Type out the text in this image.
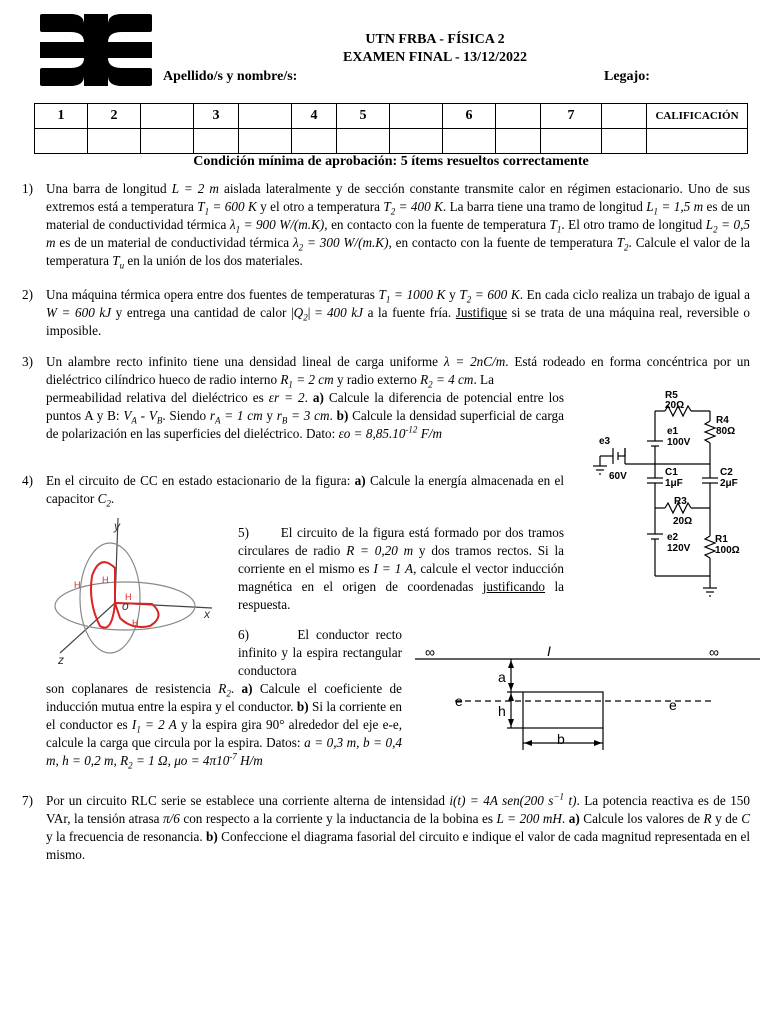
UTN FRBA - FÍSICA 2
EXAMEN FINAL - 13/12/2022
Apellido/s y nombre/s:	Legajo:
1	2		3		4	5		6		7		CALIFICACIÓN

Condición mínima de aprobación: 5 ítems resueltos correctamente
1) Una barra de longitud L = 2 m aislada lateralmente y de sección constante transmite calor en régimen estacionario. Uno de sus extremos está a temperatura $T_1 = 600$ K y el otro a temperatura $T_2 = 400$ K. La barra tiene una tramo de longitud $L_1 = 1,5$ m es de un material de conductividad térmica $\lambda_1 = 900$ W/(m.K), en contacto con la fuente de temperatura $T_1$. El otro tramo de longitud $L_2 = 0,5$ m es de un material de conductividad térmica $\lambda_2 = 300$ W/(m.K), en contacto con la fuente de temperatura $T_2$. Calcule el valor de la temperatura $T_u$ en la unión de los dos materiales.
2) Una máquina térmica opera entre dos fuentes de temperaturas $T_1 = 1000$ K y $T_2 = 600$ K. En cada ciclo realiza un trabajo de igual a W = 600 kJ y entrega una cantidad de calor $|Q_2| = 400$ kJ a la fuente fría. Justifique si se trata de una máquina real, reversible o imposible.
3) Un alambre recto infinito tiene una densidad lineal de carga uniforme λ = 2nC/m. Está rodeado en forma concéntrica por un dieléctrico cilíndrico hueco de radio interno $R_1 = 2$ cm y radio externo $R_2 = 4$ cm. La
permeabilidad relativa del dieléctrico es εr = 2. a) Calcule la diferencia de potencial entre los puntos A y B: $V_A - V_B$. Siendo $r_A = 1$ cm y $r_B = 3$ cm. b) Calcule la densidad superficial de carga de polarización en las superficies del dieléctrico. Dato: $\varepsilon o = 8,85.10^{-12}$ F/m
4) En el circuito de CC en estado estacionario de la figura: a) Calcule la energía almacenada en el capacitor $C_2$.
R5
20Ω
R4
80Ω
e1
100V
e3
60V	C1
1μF
C2
2μF
R3
20Ω
e2
120V
R1
100Ω
y
x
z
o
H H
H
H
5)       El circuito de la figura está formado por dos tramos circulares de radio R = 0,20 m y dos tramos rectos. Si la corriente en el mismo es I = 1 A, calcule el vector inducción magnética en el origen de coordenadas justificando la respuesta.
6)       El conductor recto infinito y la espira rectangular conductora
son coplanares de resistencia $R_2$. a) Calcule el coeficiente de inducción mutua entre la espira y el conductor. b) Si la corriente en el conductor es $I_1 = 2$ A y la espira gira 90° alrededor del eje e-e, calcule la carga que circula por la espira. Datos: a = 0,3 m, b = 0,4 m, h = 0,2 m, $R_2 = 1$ Ω, $\mu o = 4\pi 10^{-7}$ H/m
∞	∞
I
a
h
b
e	e
7) Por un circuito RLC serie se establece una corriente alterna de intensidad i(t) = 4A sen(200 $s^{-1}$ t). La potencia reactiva es de 150 VAr, la tensión atrasa π/6 con respecto a la corriente y la inductancia de la bobina es L = 200 mH. a) Calcule los valores de R y de C y la frecuencia de resonancia. b) Confeccione el diagrama fasorial del circuito e indique el valor de cada magnitud representada en el mismo.
